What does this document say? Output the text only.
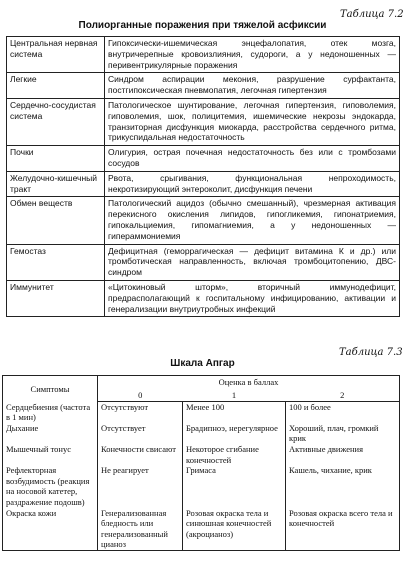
Таблица 7.2
Полиорганные поражения при тяжелой асфиксии
Центральная нервная система	Гипоксически-ишемическая энцефалопатия, отек мозга, внутричерепные кровоизлияния, судороги, а у недоношенных — перивентрикулярные поражения
Легкие	Синдром аспирации мекония, разрушение сурфактанта, постгипоксическая пневмопатия, легочная гипертензия
Сердечно-сосудистая система	Патологическое шунтирование, легочная гипертензия, гиповолемия, гиповолемия, шок, полицитемия, ишемические некрозы эндокарда, транзиторная дисфункция миокарда, расстройства сердечного ритма, трикуспидальная недостаточность
Почки	Олигурия, острая почечная недостаточность без или с тромбозами сосудов
Желудочно-кишечный тракт	Рвота, срыгивания, функциональная непроходимость, некротизирующий энтероколит, дисфункция печени
Обмен веществ	Патологический ацидоз (обычно смешанный), чрезмерная активация перекисного окисления липидов, гипогликемия, гипонатриемия, гипокальциемия, гипомагниемия, а у недоношенных — гипераммониемия
Гемостаз	Дефицитная (геморрагическая — дефицит витамина К и др.) или тромботическая направленность, включая тромбоцитопению, ДВС-синдром
Иммунитет	«Цитокиновый шторм», вторичный иммунодефицит, предрасполагающий к госпитальному инфицированию, активации и генерализации внутриутробных инфекций
Таблица 7.3
Шкала Апгар
Симптомы	Оценка в баллах		
	0	1	2
Сердцебиения (частота в 1 мин)	Отсутствуют	Менее 100	100 и более
Дыхание	Отсутствует	Брадипноэ, нерегулярное	Хороший, плач, громкий крик
Мышечный тонус	Конечности свисают	Некоторое сгибание конечностей	Активные движения
Рефлекторная возбудимость (реакция на носовой катетер, раздражение подошв)	Не реагирует	Гримаса	Кашель, чихание, крик
Окраска кожи	Генерализованная бледность или генерализованный цианоз	Розовая окраска тела и синюшная конечностей (акроцианоз)	Розовая окраска всего тела и конечностей
